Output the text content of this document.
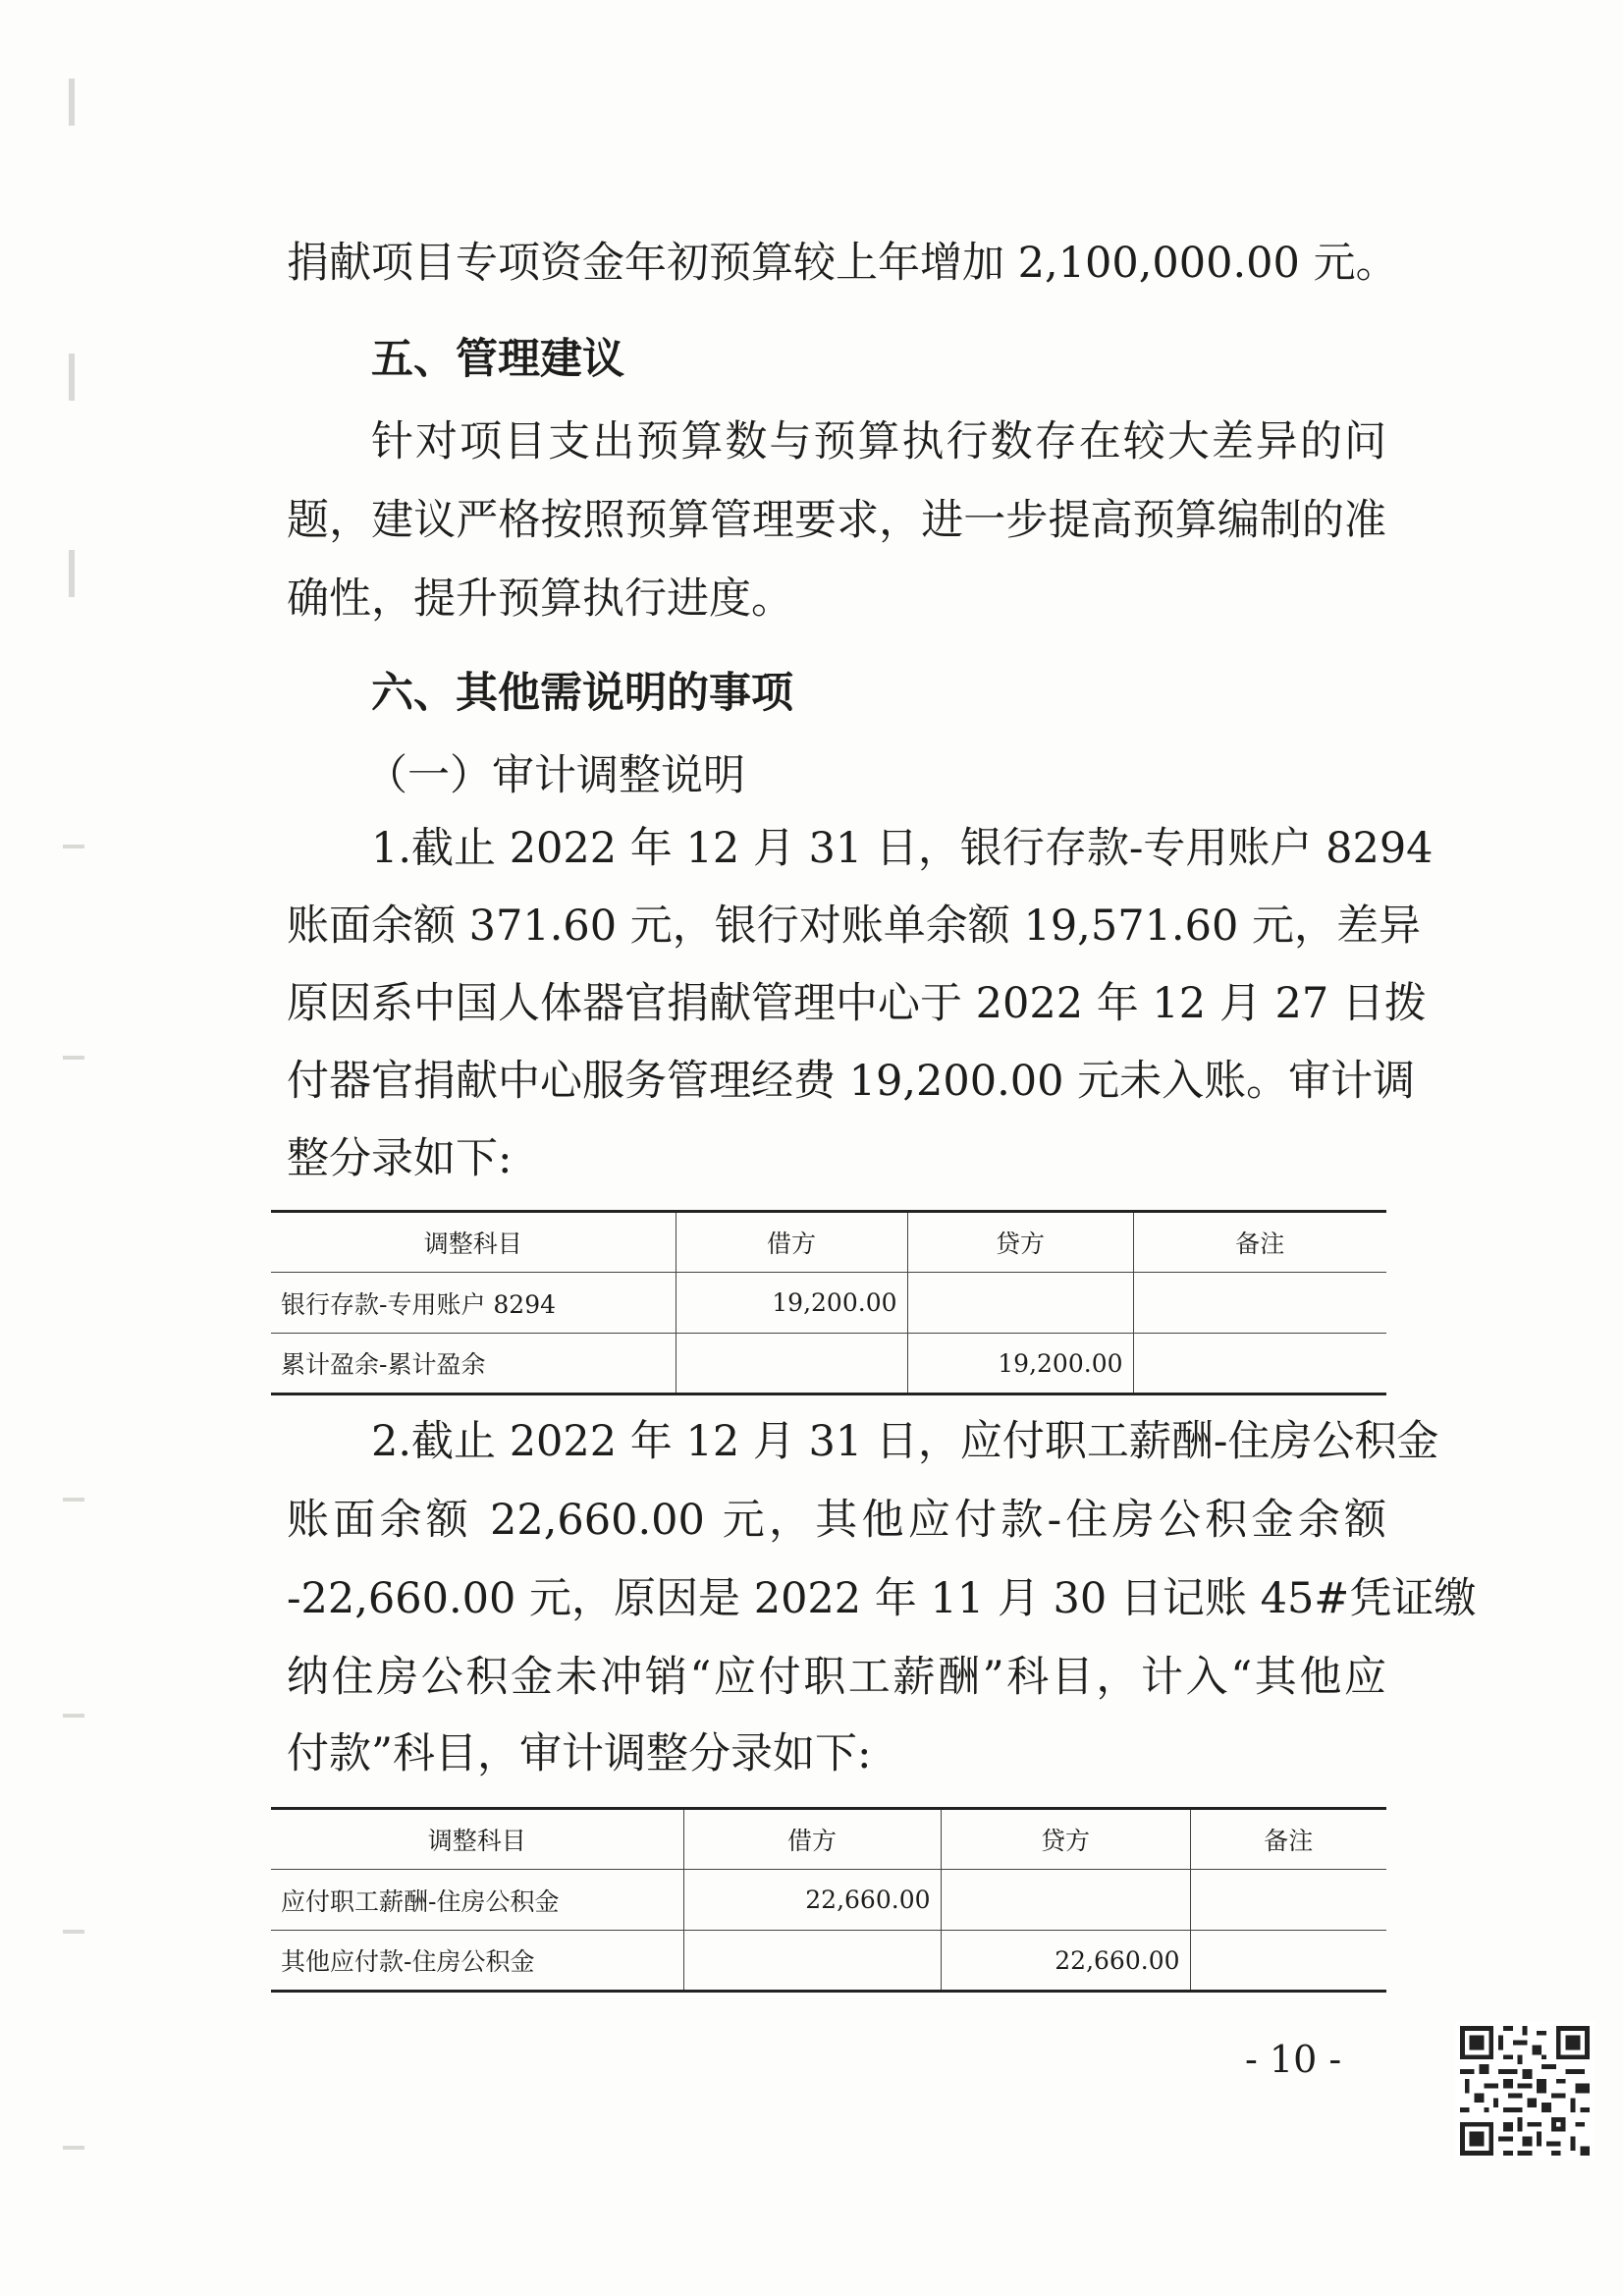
捐献项目专项资金年初预算较上年增加 2,100,000.00 元。
五、管理建议
针对项目支出预算数与预算执行数存在较大差异的问
题，建议严格按照预算管理要求，进一步提高预算编制的准
确性，提升预算执行进度。
六、其他需说明的事项
（一）审计调整说明
1.截止 2022 年 12 月 31 日，银行存款-专用账户 8294
账面余额 371.60 元，银行对账单余额 19,571.60 元，差异
原因系中国人体器官捐献管理中心于 2022 年 12 月 27 日拨
付器官捐献中心服务管理经费 19,200.00 元未入账。审计调
整分录如下:
调整科目	借方	贷方	备注
银行存款-专用账户 8294	19,200.00		
累计盈余-累计盈余		19,200.00	
2.截止 2022 年 12 月 31 日，应付职工薪酬-住房公积金
账面余额 22,660.00 元，其他应付款-住房公积金余额
-22,660.00 元，原因是 2022 年 11 月 30 日记账 45#凭证缴
纳住房公积金未冲销“应付职工薪酬”科目，计入“其他应
付款”科目，审计调整分录如下:
调整科目	借方	贷方	备注
应付职工薪酬-住房公积金	22,660.00		
其他应付款-住房公积金		22,660.00	
- 10 -
